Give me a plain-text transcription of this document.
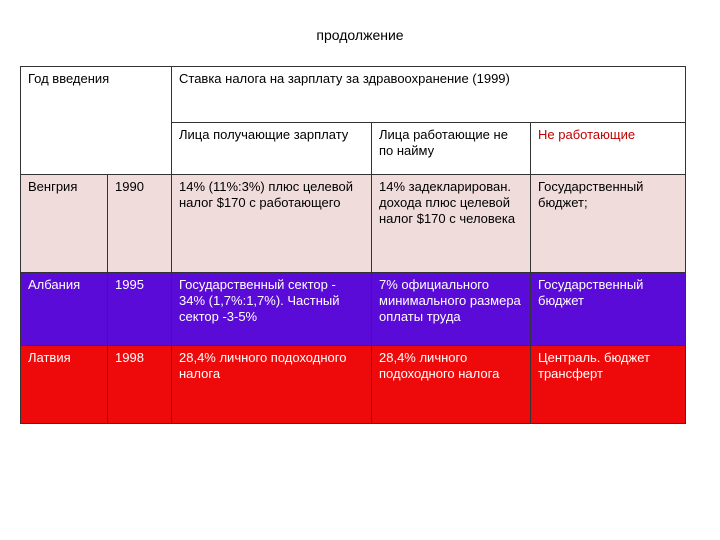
продолжение
Год введения		Ставка налога на зарплату за здравоохранение (1999)		
		Лица получающие зарплату	Лица работающие не по найму	Не работающие
Венгрия	1990	14% (11%:3%) плюс целевой налог $170 с работающего	14% задекларирован. дохода плюс целевой налог $170 с человека	Государственный бюджет;
Албания	1995	Государственный сектор - 34% (1,7%:1,7%). Частный сектор -3-5%	7% официального минимального размера оплаты труда	Государственный бюджет
Латвия	1998	28,4% личного подоходного налога	28,4% личного подоходного налога	Централь. бюджет трансферт
